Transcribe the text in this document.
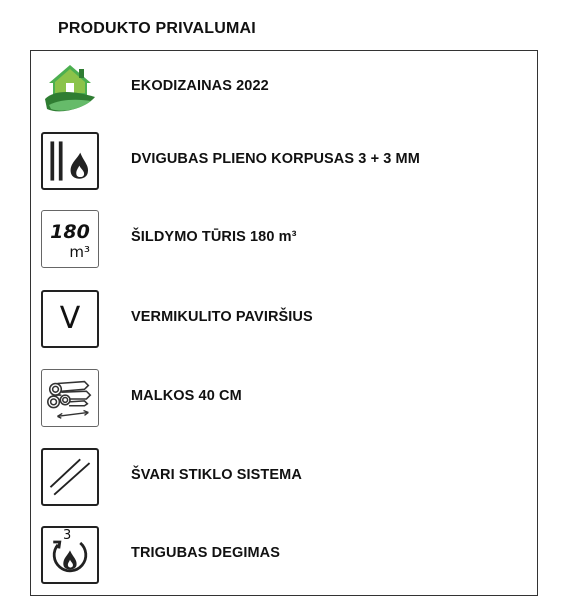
PRODUKTO PRIVALUMAI
EKODIZAINAS 2022
DVIGUBAS PLIENO KORPUSAS 3 + 3 MM
180
m³
ŠILDYMO TŪRIS 180 m³
V	VERMIKULITO PAVIRŠIUS
MALKOS 40 CM
ŠVARI STIKLO SISTEMA
3
TRIGUBAS DEGIMAS
